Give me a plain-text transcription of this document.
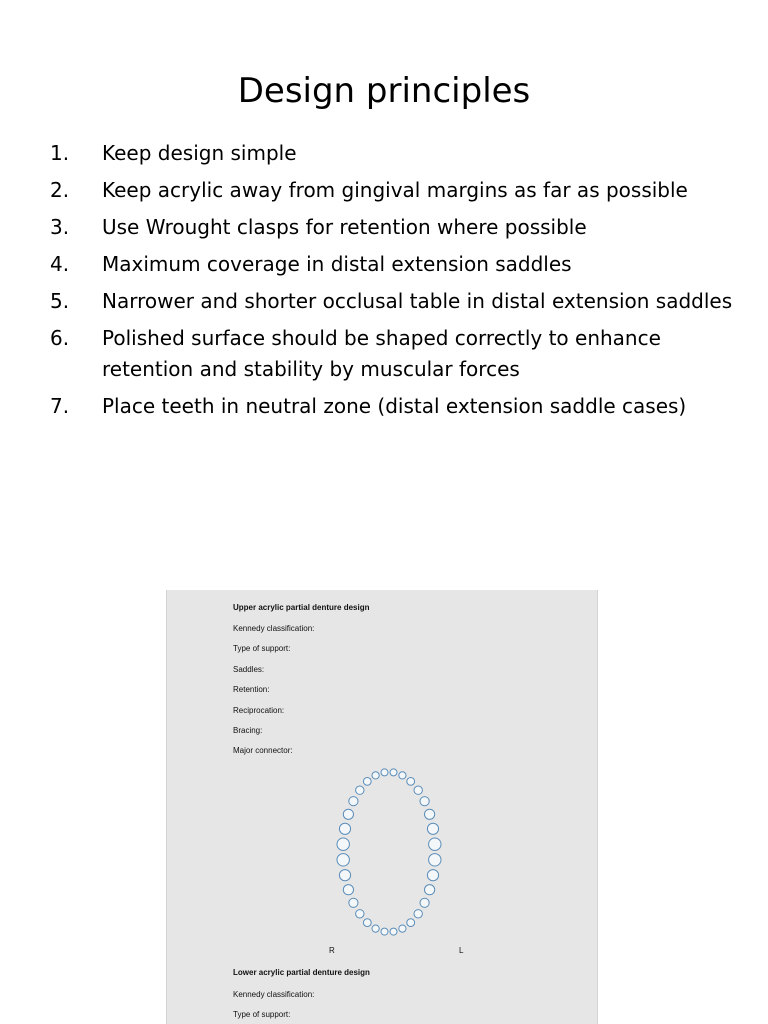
Design principles
1.	Keep design simple
2.	Keep acrylic away from gingival margins as far as possible
3.	Use Wrought clasps for retention where possible
4.	Maximum coverage in distal extension saddles
5.	Narrower and shorter occlusal table in distal extension saddles
6.	Polished surface should be shaped correctly to enhance retention and stability by muscular forces
7.	Place teeth in neutral zone (distal extension saddle cases)
Upper acrylic partial denture design
Kennedy classification:
Type of support:
Saddles:
Retention:
Reciprocation:
Bracing:
Major connector:
R	L
Lower acrylic partial denture design
Kennedy classification:
Type of support:
